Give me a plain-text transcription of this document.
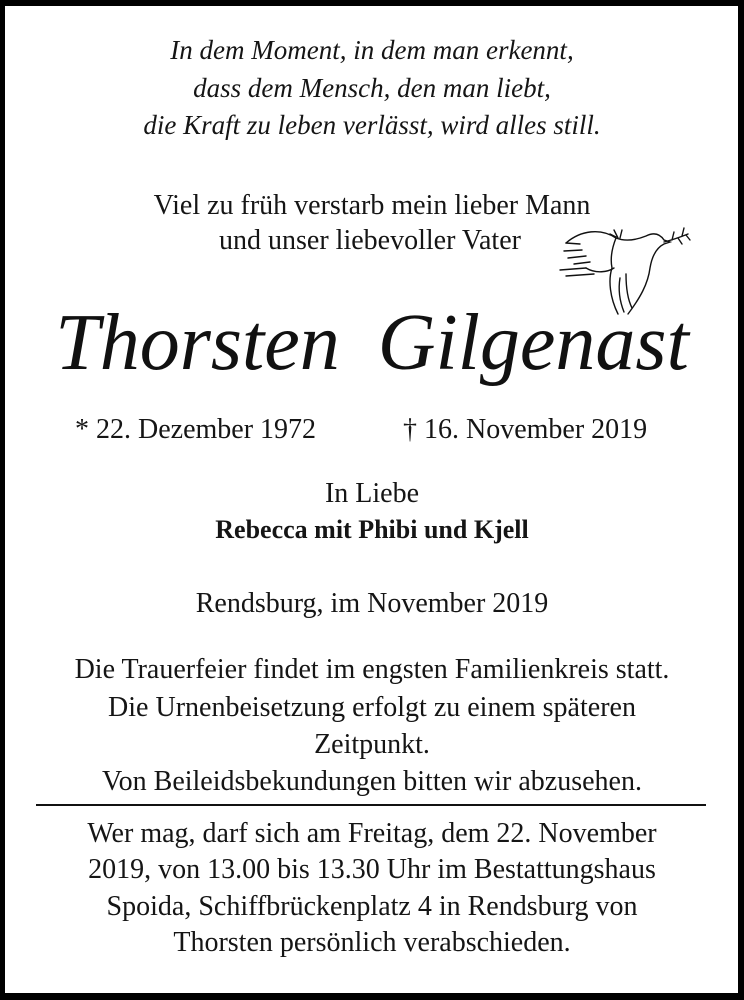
In dem Moment, in dem man erkennt,
dass dem Mensch, den man liebt,
die Kraft zu leben verlässt, wird alles still.
Viel zu früh verstarb mein lieber Mann
und unser liebevoller Vater
Thorsten Gilgenast
* 22. Dezember 1972	† 16. November 2019
In Liebe
Rebecca mit Phibi und Kjell
Rendsburg, im November 2019
Die Trauerfeier findet im engsten Familienkreis statt.
Die Urnenbeisetzung erfolgt zu einem späteren
Zeitpunkt.
Von Beileidsbekundungen bitten wir abzusehen.
Wer mag, darf sich am Freitag, dem 22. November
2019, von 13.00 bis 13.30 Uhr im Bestattungshaus
Spoida, Schiffbrückenplatz 4 in Rendsburg von
Thorsten persönlich verabschieden.
